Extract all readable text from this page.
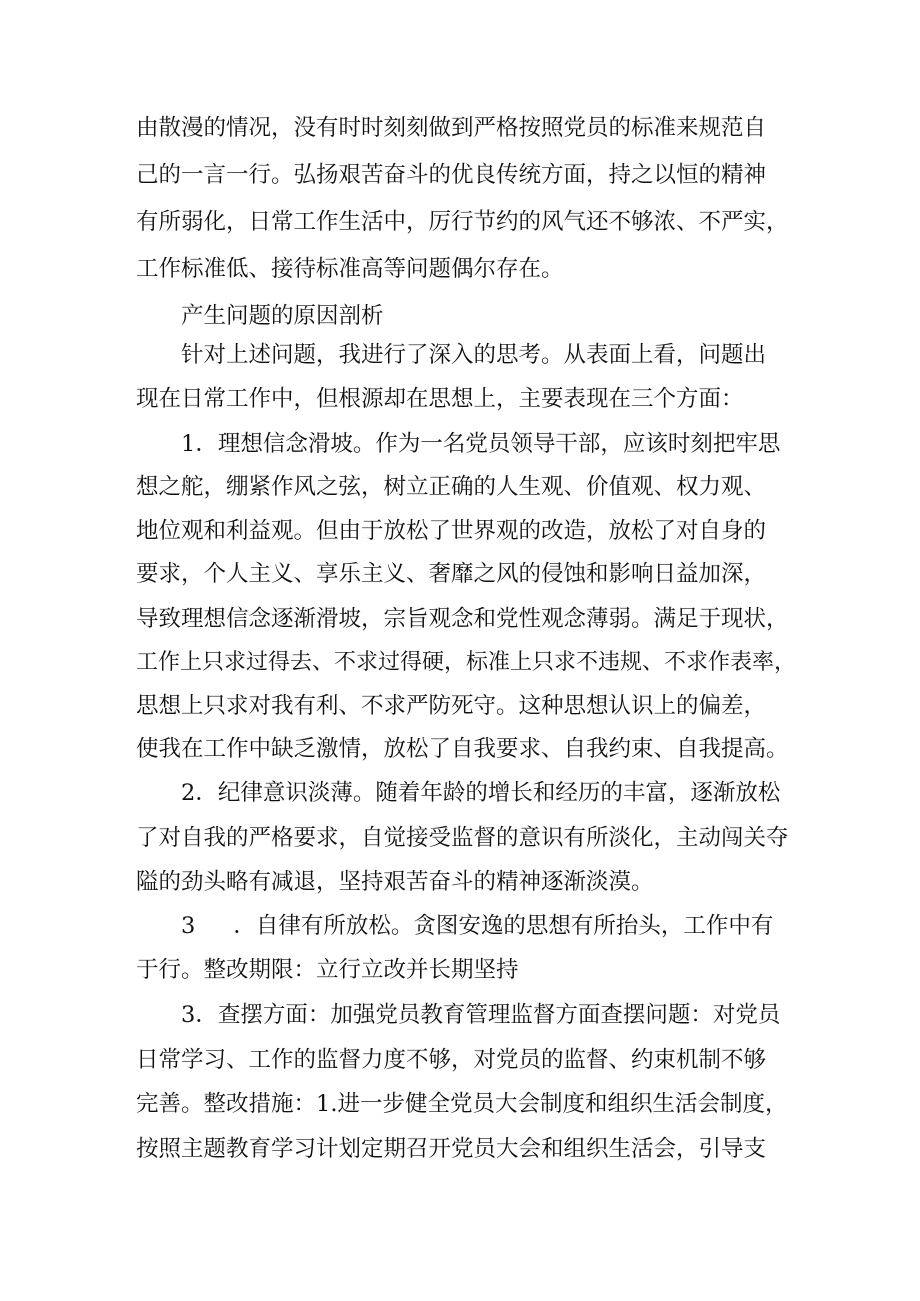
由散漫的情况，没有时时刻刻做到严格按照党员的标准来规范自
己的一言一行。弘扬艰苦奋斗的优良传统方面，持之以恒的精神
有所弱化，日常工作生活中，厉行节约的风气还不够浓、不严实，
工作标准低、接待标准高等问题偶尔存在。
产生问题的原因剖析
针对上述问题，我进行了深入的思考。从表面上看，问题出
现在日常工作中，但根源却在思想上，主要表现在三个方面：
1．理想信念滑坡。作为一名党员领导干部，应该时刻把牢思
想之舵，绷紧作风之弦，树立正确的人生观、价值观、权力观、
地位观和利益观。但由于放松了世界观的改造，放松了对自身的
要求，个人主义、享乐主义、奢靡之风的侵蚀和影响日益加深，
导致理想信念逐渐滑坡，宗旨观念和党性观念薄弱。满足于现状，
工作上只求过得去、不求过得硬，标准上只求不违规、不求作表率，
思想上只求对我有利、不求严防死守。这种思想认识上的偏差，
使我在工作中缺乏激情，放松了自我要求、自我约束、自我提高。
2．纪律意识淡薄。随着年龄的增长和经历的丰富，逐渐放松
了对自我的严格要求，自觉接受监督的意识有所淡化，主动闯关夺
隘的劲头略有减退，坚持艰苦奋斗的精神逐渐淡漠。
3 ．自律有所放松。贪图安逸的思想有所抬头，工作中有
于行。整改期限：立行立改并长期坚持
3．查摆方面：加强党员教育管理监督方面查摆问题：对党员
日常学习、工作的监督力度不够，对党员的监督、约束机制不够
完善。整改措施：1.进一步健全党员大会制度和组织生活会制度，
按照主题教育学习计划定期召开党员大会和组织生活会，引导支
